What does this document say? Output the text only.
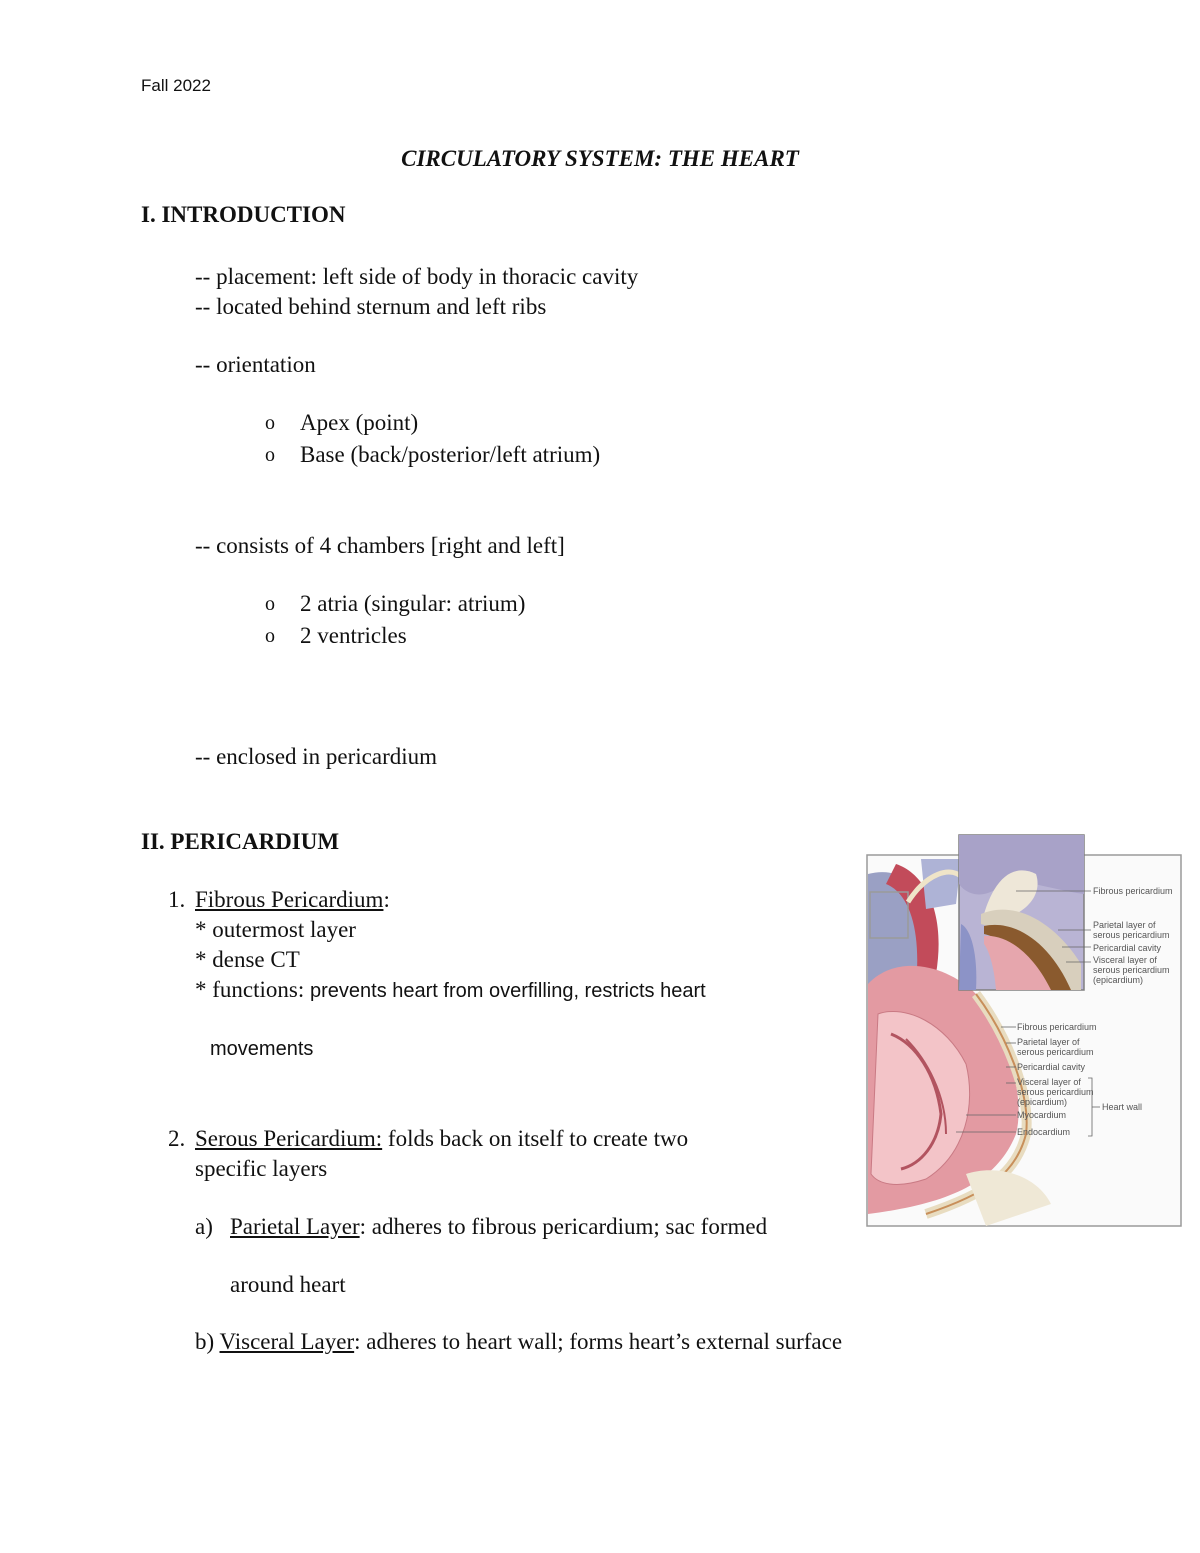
Fall 2022
CIRCULATORY SYSTEM: THE HEART
I. INTRODUCTION
-- placement: left side of body in thoracic cavity
-- located behind sternum and left ribs
-- orientation
o Apex (point)
o Base (back/posterior/left atrium)
-- consists of 4 chambers [right and left]
o 2 atria (singular: atrium)
o 2 ventricles
-- enclosed in pericardium
II. PERICARDIUM
1. Fibrous Pericardium:
* outermost layer
* dense CT
* functions: prevents heart from overfilling, restricts heart
movements
2. Serous Pericardium: folds back on itself to create two
specific layers
a) Parietal Layer: adheres to fibrous pericardium; sac formed
around heart
b) Visceral Layer: adheres to heart wall; forms heart’s external surface
Fibrous pericardium
Parietal layer of
serous pericardium
Pericardial cavity
Visceral layer of
serous pericardium
(epicardium)
Fibrous pericardium
Parietal layer of
serous pericardium
Pericardial cavity
Visceral layer of
serous pericardium
(epicardium)
Myocardium
Endocardium
Heart wall
